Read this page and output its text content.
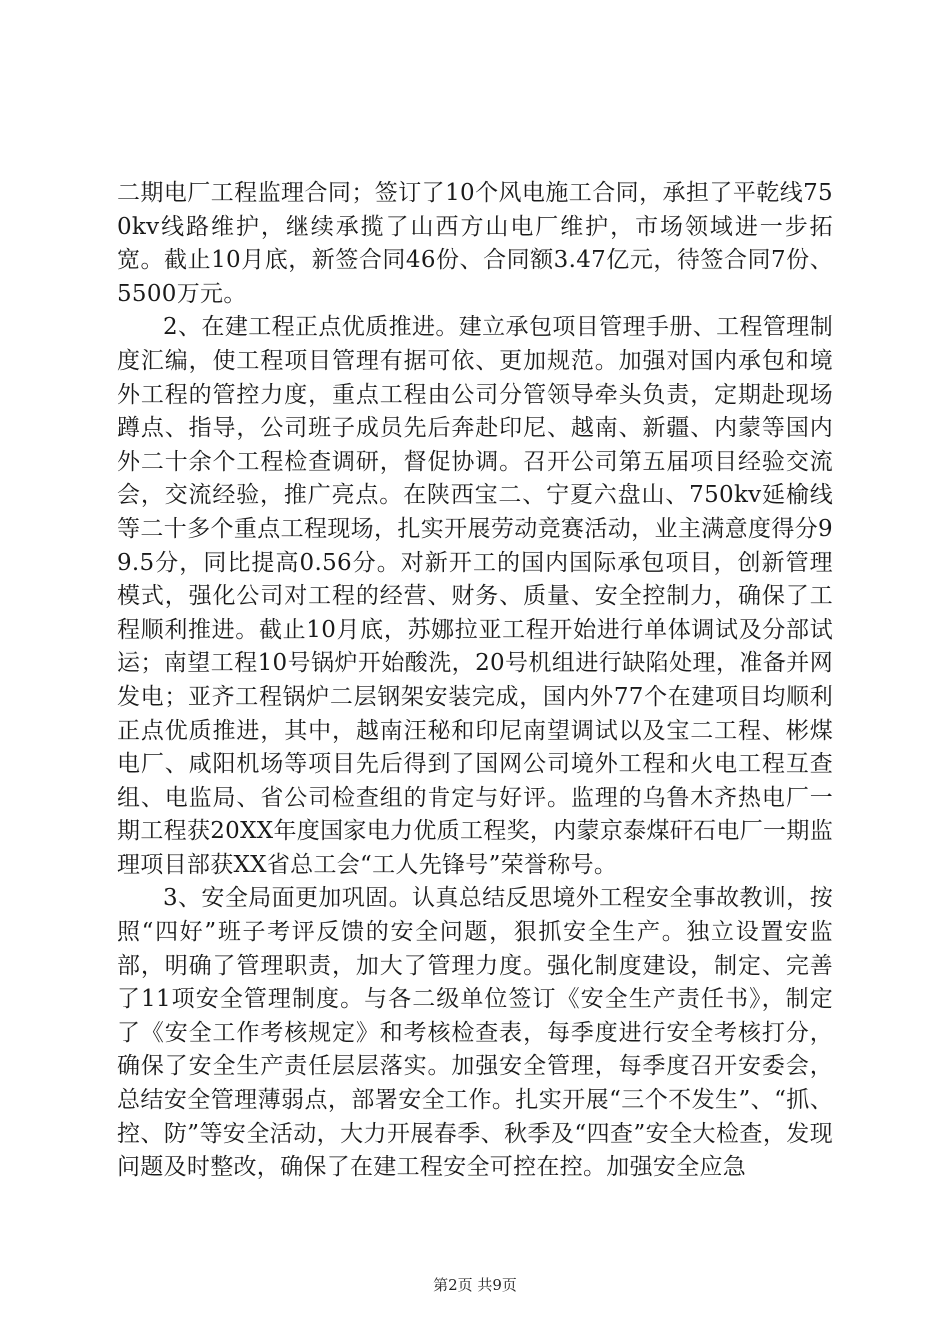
二期电厂工程监理合同；签订了10个风电施工合同，承担了平乾线750kv线路维护，继续承揽了山西方山电厂维护，市场领域进一步拓宽。截止10月底，新签合同46份、合同额3.47亿元，待签合同7份、5500万元。

2、在建工程正点优质推进。建立承包项目管理手册、工程管理制度汇编，使工程项目管理有据可依、更加规范。加强对国内承包和境外工程的管控力度，重点工程由公司分管领导牵头负责，定期赴现场蹲点、指导，公司班子成员先后奔赴印尼、越南、新疆、内蒙等国内外二十余个工程检查调研，督促协调。召开公司第五届项目经验交流会，交流经验，推广亮点。在陕西宝二、宁夏六盘山、750kv延榆线等二十多个重点工程现场，扎实开展劳动竞赛活动，业主满意度得分99.5分，同比提高0.56分。对新开工的国内国际承包项目，创新管理模式，强化公司对工程的经营、财务、质量、安全控制力，确保了工程顺利推进。截止10月底，苏娜拉亚工程开始进行单体调试及分部试运；南望工程10号锅炉开始酸洗，20号机组进行缺陷处理，准备并网发电；亚齐工程锅炉二层钢架安装完成，国内外77个在建项目均顺利正点优质推进，其中，越南汪秘和印尼南望调试以及宝二工程、彬煤电厂、咸阳机场等项目先后得到了国网公司境外工程和火电工程互查组、电监局、省公司检查组的肯定与好评。监理的乌鲁木齐热电厂一期工程获20XX年度国家电力优质工程奖，内蒙京泰煤矸石电厂一期监理项目部获XX省总工会“工人先锋号”荣誉称号。

3、安全局面更加巩固。认真总结反思境外工程安全事故教训，按照“四好”班子考评反馈的安全问题，狠抓安全生产。独立设置安监部，明确了管理职责，加大了管理力度。强化制度建设，制定、完善了11项安全管理制度。与各二级单位签订《安全生产责任书》，制定了《安全工作考核规定》和考核检查表，每季度进行安全考核打分，确保了安全生产责任层层落实。加强安全管理，每季度召开安委会，总结安全管理薄弱点，部署安全工作。扎实开展“三个不发生”、“抓、控、防”等安全活动，大力开展春季、秋季及“四查”安全大检查，发现问题及时整改，确保了在建工程安全可控在控。加强安全应急

第2页 共9页
